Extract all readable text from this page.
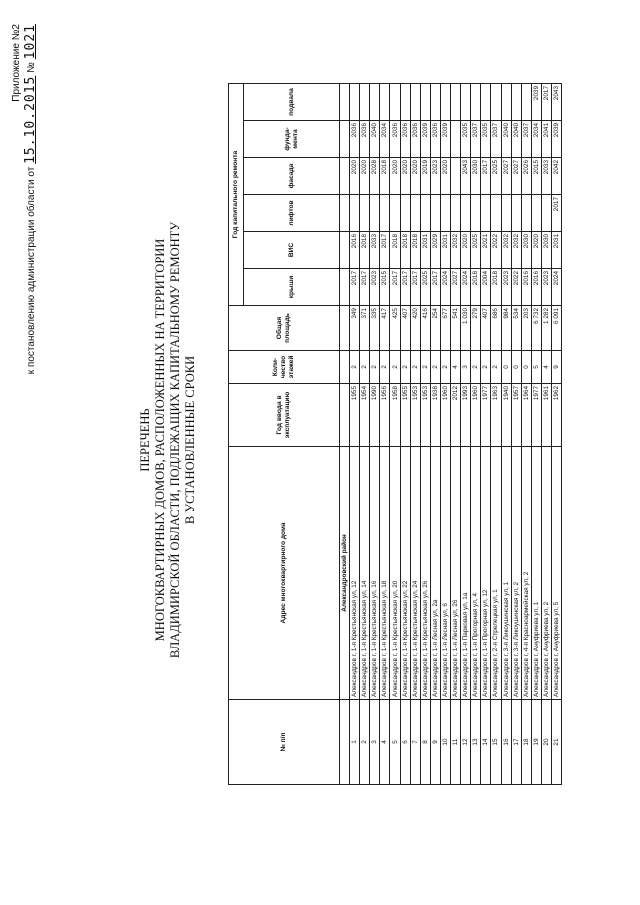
Приложение №2
к постановлению администрации области от 15.10.2015 № 1021
ПЕРЕЧЕНЬ МНОГОКВАРТИРНЫХ ДОМОВ, РАСПОЛОЖЕННЫХ НА ТЕРРИТОРИИ ВЛАДИМИРСКОЙ ОБЛАСТИ, ПОДЛЕЖАЩИХ КАПИТАЛЬНОМУ РЕМОНТУ В УСТАНОВЛЕННЫЕ СРОКИ
№ п/п	Адрес многоквартирного дома	Год ввода в эксплуатацию	Коли-чество этажей	Общая площадь	Год капитального ремонта					
					крыши	ВИС	лифтов	фасада	фунда-мента	подвала
	Александровский район									
1	Александров г, 1-я Крестьянская ул, 12	1955	2	349	2017	2016		2020	2036	
2	Александров г, 1-я Крестьянская ул, 14	1954	2	371	2017	2018		2020	2036	
3	Александров г, 1-я Крестьянская ул, 16	1990	2	335	2023	2033		2028	2040	
4	Александров г, 1-я Крестьянская ул, 18	1956	2	417	2015	2017		2018	2034	
5	Александров г, 1-я Крестьянская ул, 20	1958	2	425	2017	2018		2020	2036	
6	Александров г, 1-я Крестьянская ул, 22	1955	2	407	2017	2018		2020	2036	
7	Александров г, 1-я Крестьянская ул, 24	1953	2	420	2017	2018		2020	2036	
8	Александров г, 1-я Крестьянская ул, 26	1953	2	416	2025	2031		2019	2039	
9	Александров г, 1-я Лесная ул, 2а	1938	2	254	2017	2029		2023	2036	
10	Александров г, 1-я Лесная ул, 6	1960	2	677	2024	2031		2020	2039	
11	Александров г, 1-я Лесная ул, 26	2012	4	541	2027	2032				
12	Александров г, 1-я Парковая ул, 1а	1993	3	1 030	2024	2020		2043	2035	
13	Александров г, 1-я Прогорная ул, 4	1960	2	279	2018	2025		2030	2037	
14	Александров г, 1-я Прогорная ул, 12	1977	2	407	2004	2021		2017	2035	
15	Александров г, 2-я Стрелецкая ул, 1	1963	2	686	2018	2022		2025	2037	
16	Александров г, 3-я Ликоушинская ул, 1	1940	0	984	2023	2032		2027	2040	
17	Александров г, 3-я Ликоушинская ул, 2	1957	0	534	2022	2032		2027	2040	
18	Александров г, 4-я Красноармейская ул, 2	1964	0	203	2016	2030		2026	2037	
19	Александров г, Ануфриева ул, 1	1977	5	6 732	2016	2020		2015	2034	2039
20	Александров г, Ануфриева ул, 2	1961	4	1 282	2023	2030		2033	2041	2017
21	Александров г, Ануфриева ул, 5	1962	9	6 091	2024	2031	2017	2042	2039	2043
